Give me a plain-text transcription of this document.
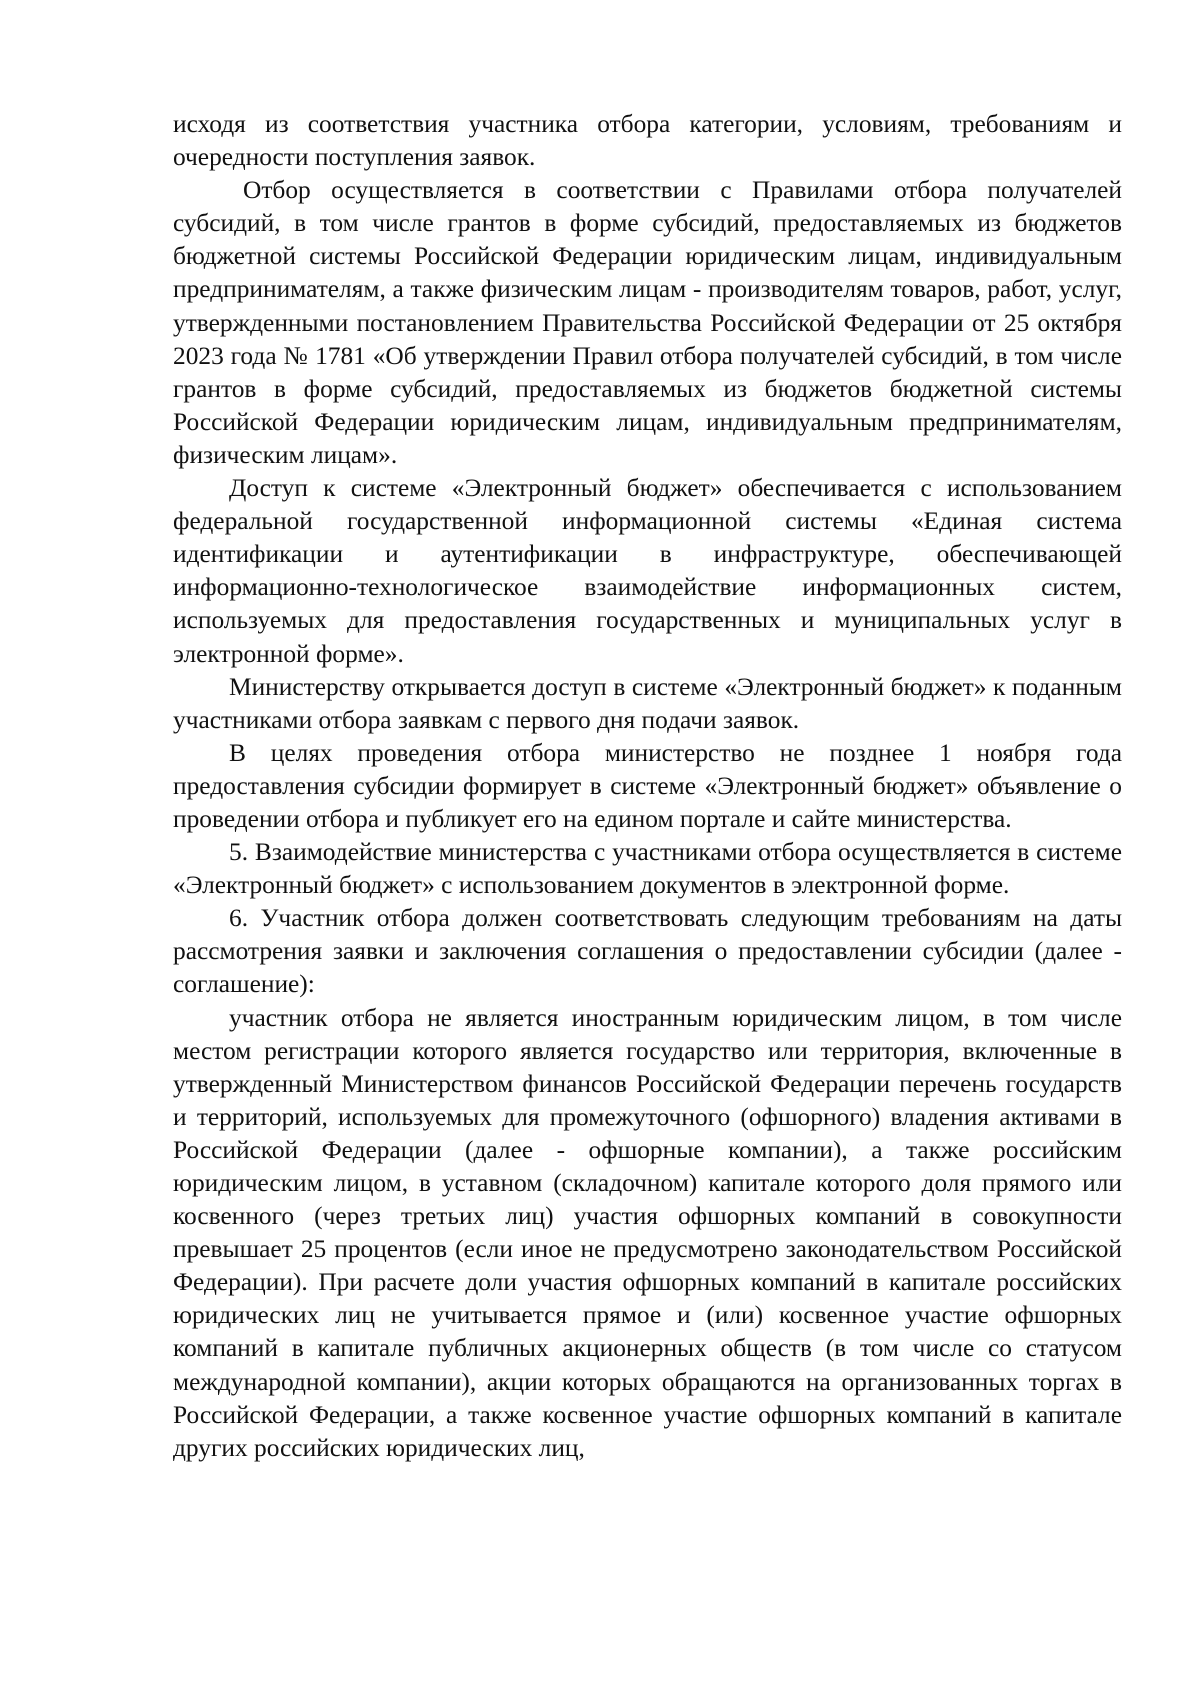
исходя из соответствия участника отбора категории, условиям, требованиям и очередности поступления заявок.

Отбор осуществляется в соответствии с Правилами отбора получателей субсидий, в том числе грантов в форме субсидий, предоставляемых из бюджетов бюджетной системы Российской Федерации юридическим лицам, индивидуальным предпринимателям, а также физическим лицам - производителям товаров, работ, услуг, утвержденными постановлением Правительства Российской Федерации от 25 октября 2023 года № 1781 «Об утверждении Правил отбора получателей субсидий, в том числе грантов в форме субсидий, предоставляемых из бюджетов бюджетной системы Российской Федерации юридическим лицам, индивидуальным предпринимателям, физическим лицам».

Доступ к системе «Электронный бюджет» обеспечивается с использованием федеральной государственной информационной системы «Единая система идентификации и аутентификации в инфраструктуре, обеспечивающей информационно-технологическое взаимодействие информационных систем, используемых для предоставления государственных и муниципальных услуг в электронной форме».

Министерству открывается доступ в системе «Электронный бюджет» к поданным участниками отбора заявкам с первого дня подачи заявок.

В целях проведения отбора министерство не позднее 1 ноября года предоставления субсидии формирует в системе «Электронный бюджет» объявление о проведении отбора и публикует его на едином портале и сайте министерства.

5. Взаимодействие министерства с участниками отбора осуществляется в системе «Электронный бюджет» с использованием документов в электронной форме.

6. Участник отбора должен соответствовать следующим требованиям на даты рассмотрения заявки и заключения соглашения о предоставлении субсидии (далее - соглашение):

участник отбора не является иностранным юридическим лицом, в том числе местом регистрации которого является государство или территория, включенные в утвержденный Министерством финансов Российской Федерации перечень государств и территорий, используемых для промежуточного (офшорного) владения активами в Российской Федерации (далее - офшорные компании), а также российским юридическим лицом, в уставном (складочном) капитале которого доля прямого или косвенного (через третьих лиц) участия офшорных компаний в совокупности превышает 25 процентов (если иное не предусмотрено законодательством Российской Федерации). При расчете доли участия офшорных компаний в капитале российских юридических лиц не учитывается прямое и (или) косвенное участие офшорных компаний в капитале публичных акционерных обществ (в том числе со статусом международной компании), акции которых обращаются на организованных торгах в Российской Федерации, а также косвенное участие офшорных компаний в капитале других российских юридических лиц,
